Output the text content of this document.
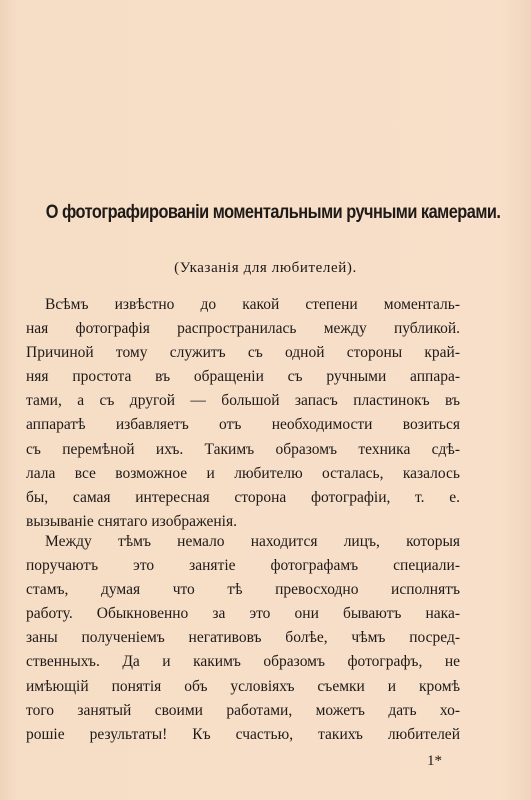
О фотографированіи моментальными ручными камерами.
(Указанія для любителей).
Всѣмъ извѣстно до какой степени моменталь-
ная фотографія распространилась между публикой.
Причиной тому служитъ съ одной стороны край-
няя простота въ обращеніи съ ручными аппара-
тами, а съ другой — большой запасъ пластинокъ въ
аппаратѣ избавляетъ отъ необходимости возиться
съ перемѣной ихъ. Такимъ образомъ техника сдѣ-
лала все возможное и любителю осталась, казалось
бы, самая интересная сторона фотографіи, т. е.
вызываніе снятаго изображенія.
Между тѣмъ немало находится лицъ, которыя
поручаютъ это занятіе фотографамъ специали-
стамъ, думая что тѣ превосходно исполнятъ
работу. Обыкновенно за это они бываютъ нака-
заны полученіемъ негативовъ болѣе, чѣмъ посред-
ственныхъ. Да и какимъ образомъ фотографъ, не
имѣющій понятія объ условіяхъ съемки и кромѣ
того занятый своими работами, можетъ дать хо-
рошіе результаты! Къ счастью, такихъ любителей
1*
